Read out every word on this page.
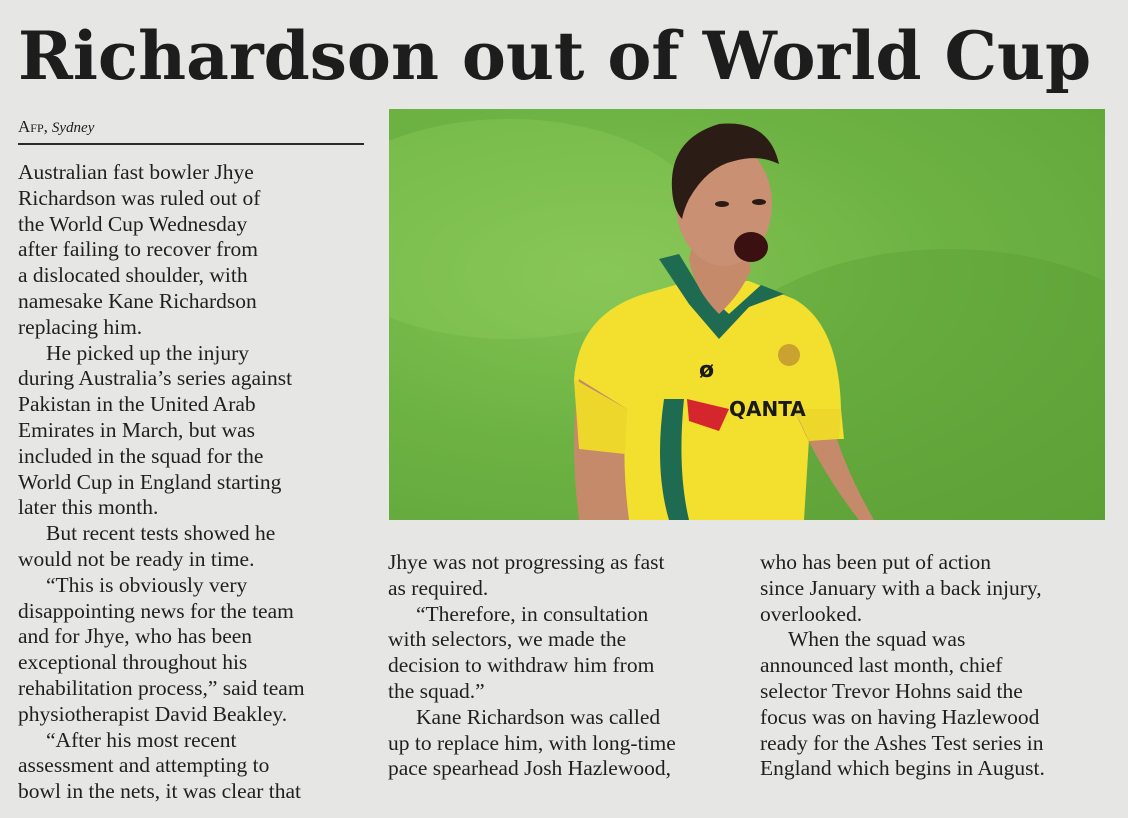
Richardson out of World Cup
Afp, Sydney
QANTA
ø

Australian fast bowler Jhye

Richardson was ruled out of

the World Cup Wednesday

after failing to recover from

a dislocated shoulder, with

namesake Kane Richardson

replacing him.

He picked up the injury

during Australia’s series against

Pakistan in the United Arab

Emirates in March, but was

included in the squad for the

World Cup in England starting

later this month.

But recent tests showed he

would not be ready in time.

“This is obviously very

disappointing news for the team

and for Jhye, who has been

exceptional throughout his

rehabilitation process,” said team

physiotherapist David Beakley.

“After his most recent

assessment and attempting to

bowl in the nets, it was clear that

Jhye was not progressing as fast

as required.

“Therefore, in consultation

with selectors, we made the

decision to withdraw him from

the squad.”

Kane Richardson was called

up to replace him, with long-time

pace spearhead Josh Hazlewood,

who has been put of action

since January with a back injury,

overlooked.

When the squad was

announced last month, chief

selector Trevor Hohns said the

focus was on having Hazlewood

ready for the Ashes Test series in

England which begins in August.
